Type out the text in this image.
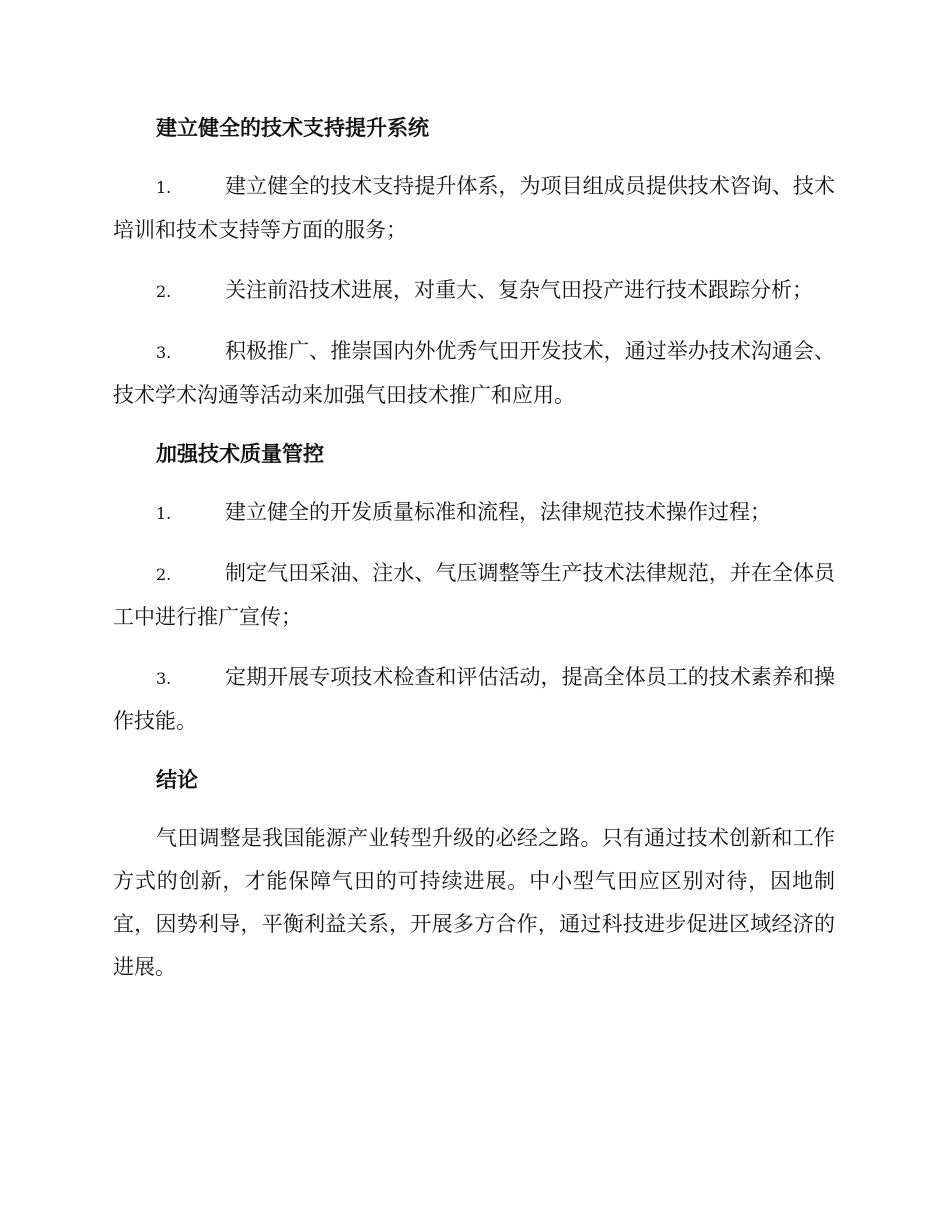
建立健全的技术支持提升系统
1.	建立健全的技术支持提升体系，为项目组成员提供技术咨询、技术培训和技术支持等方面的服务；
2.	关注前沿技术进展，对重大、复杂气田投产进行技术跟踪分析；
3.	积极推广、推崇国内外优秀气田开发技术，通过举办技术沟通会、技术学术沟通等活动来加强气田技术推广和应用。
加强技术质量管控
1.	建立健全的开发质量标准和流程，法律规范技术操作过程；
2.	制定气田采油、注水、气压调整等生产技术法律规范，并在全体员工中进行推广宣传；
3.	定期开展专项技术检查和评估活动，提高全体员工的技术素养和操作技能。
结论

气田调整是我国能源产业转型升级的必经之路。只有通过技术创新和工作方式的创新，才能保障气田的可持续进展。中小型气田应区别对待，因地制宜，因势利导，平衡利益关系，开展多方合作，通过科技进步促进区域经济的进展。
